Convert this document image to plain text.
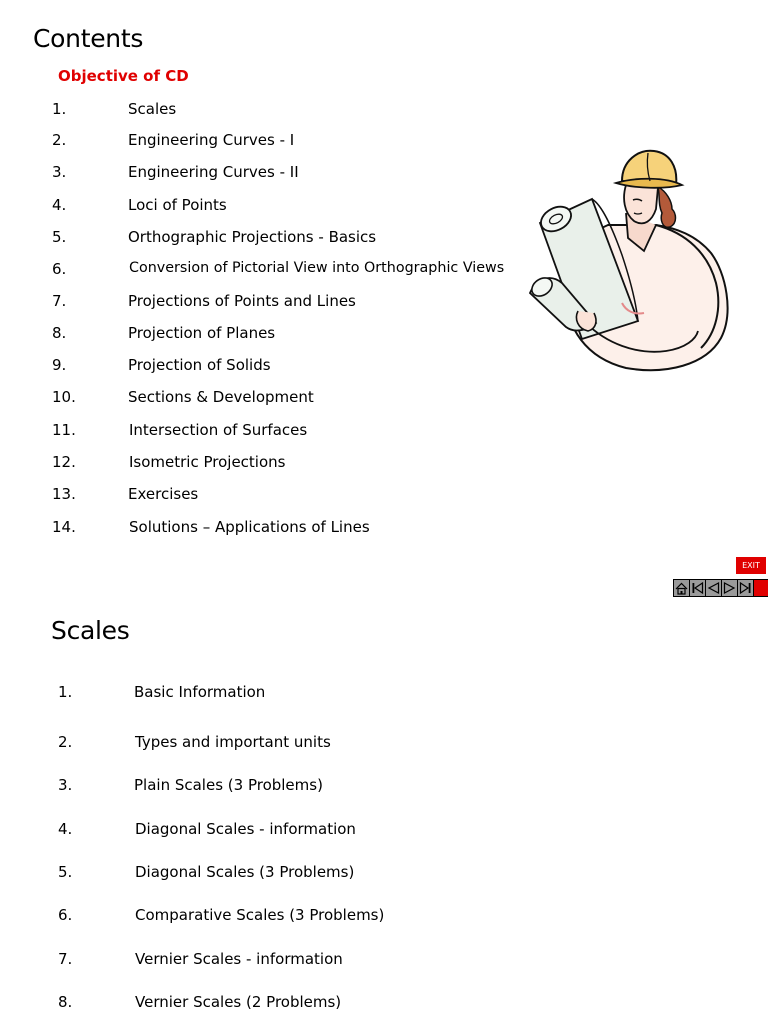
Contents
Objective of CD
1.	Scales
2.	Engineering Curves - I
3.	Engineering Curves - II
4.	Loci of Points
5.	Orthographic Projections - Basics
6.	Conversion of Pictorial View into Orthographic Views
7.	Projections of Points and Lines
8.	Projection of Planes
9.	Projection of Solids
10.	Sections & Development
11.	Intersection of Surfaces
12.	Isometric Projections
13.	Exercises
14.	Solutions – Applications of Lines
EXIT
Scales
1.	Basic Information
2.	Types and important units
3.	Plain Scales (3 Problems)
4.	Diagonal Scales - information
5.	Diagonal Scales (3 Problems)
6.	Comparative Scales (3 Problems)
7.	Vernier Scales - information
8.	Vernier Scales (2 Problems)
